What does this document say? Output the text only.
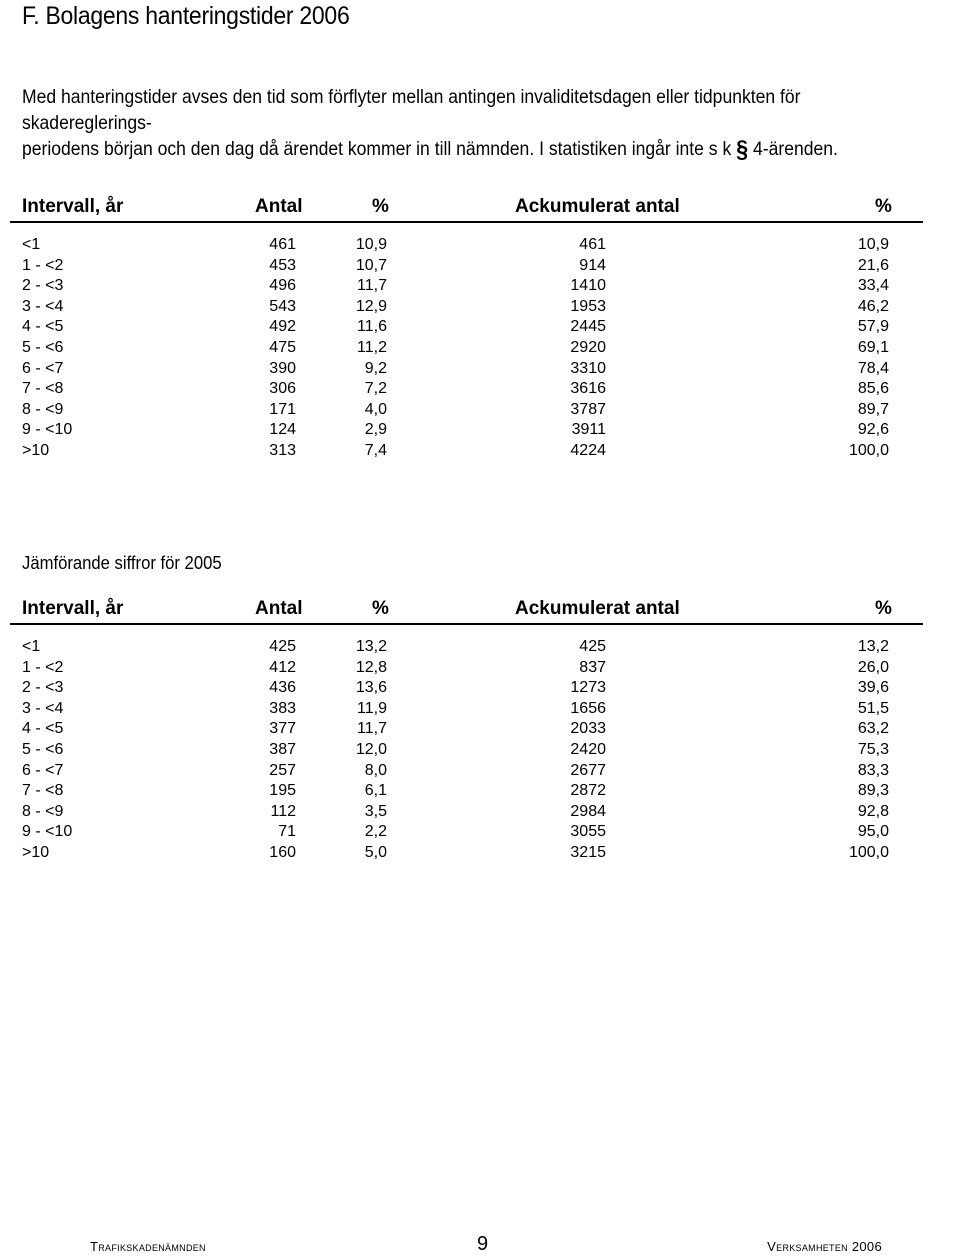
F. Bolagens hanteringstider 2006
Med hanteringstider avses den tid som förflyter mellan antingen invaliditetsdagen eller tidpunkten för skadereglerings-
periodens början och den dag då ärendet kommer in till nämnden. I statistiken ingår inte s k § 4-ärenden.
Intervall, år	Antal	%	Ackumulerat antal	%
<1	461	10,9	461	10,9
1 - <2	453	10,7	914	21,6
2 - <3	496	11,7	1410	33,4
3 - <4	543	12,9	1953	46,2
4 - <5	492	11,6	2445	57,9
5 - <6	475	11,2	2920	69,1
6 - <7	390	9,2	3310	78,4
7 - <8	306	7,2	3616	85,6
8 - <9	171	4,0	3787	89,7
9 - <10	124	2,9	3911	92,6
>10	313	7,4	4224	100,0
Jämförande siffror för 2005
Intervall, år	Antal	%	Ackumulerat antal	%
<1	425	13,2	425	13,2
1 - <2	412	12,8	837	26,0
2 - <3	436	13,6	1273	39,6
3 - <4	383	11,9	1656	51,5
4 - <5	377	11,7	2033	63,2
5 - <6	387	12,0	2420	75,3
6 - <7	257	8,0	2677	83,3
7 - <8	195	6,1	2872	89,3
8 - <9	112	3,5	2984	92,8
9 - <10	71	2,2	3055	95,0
>10	160	5,0	3215	100,0
Trafikskadenämnden	9	Verksamheten 2006
